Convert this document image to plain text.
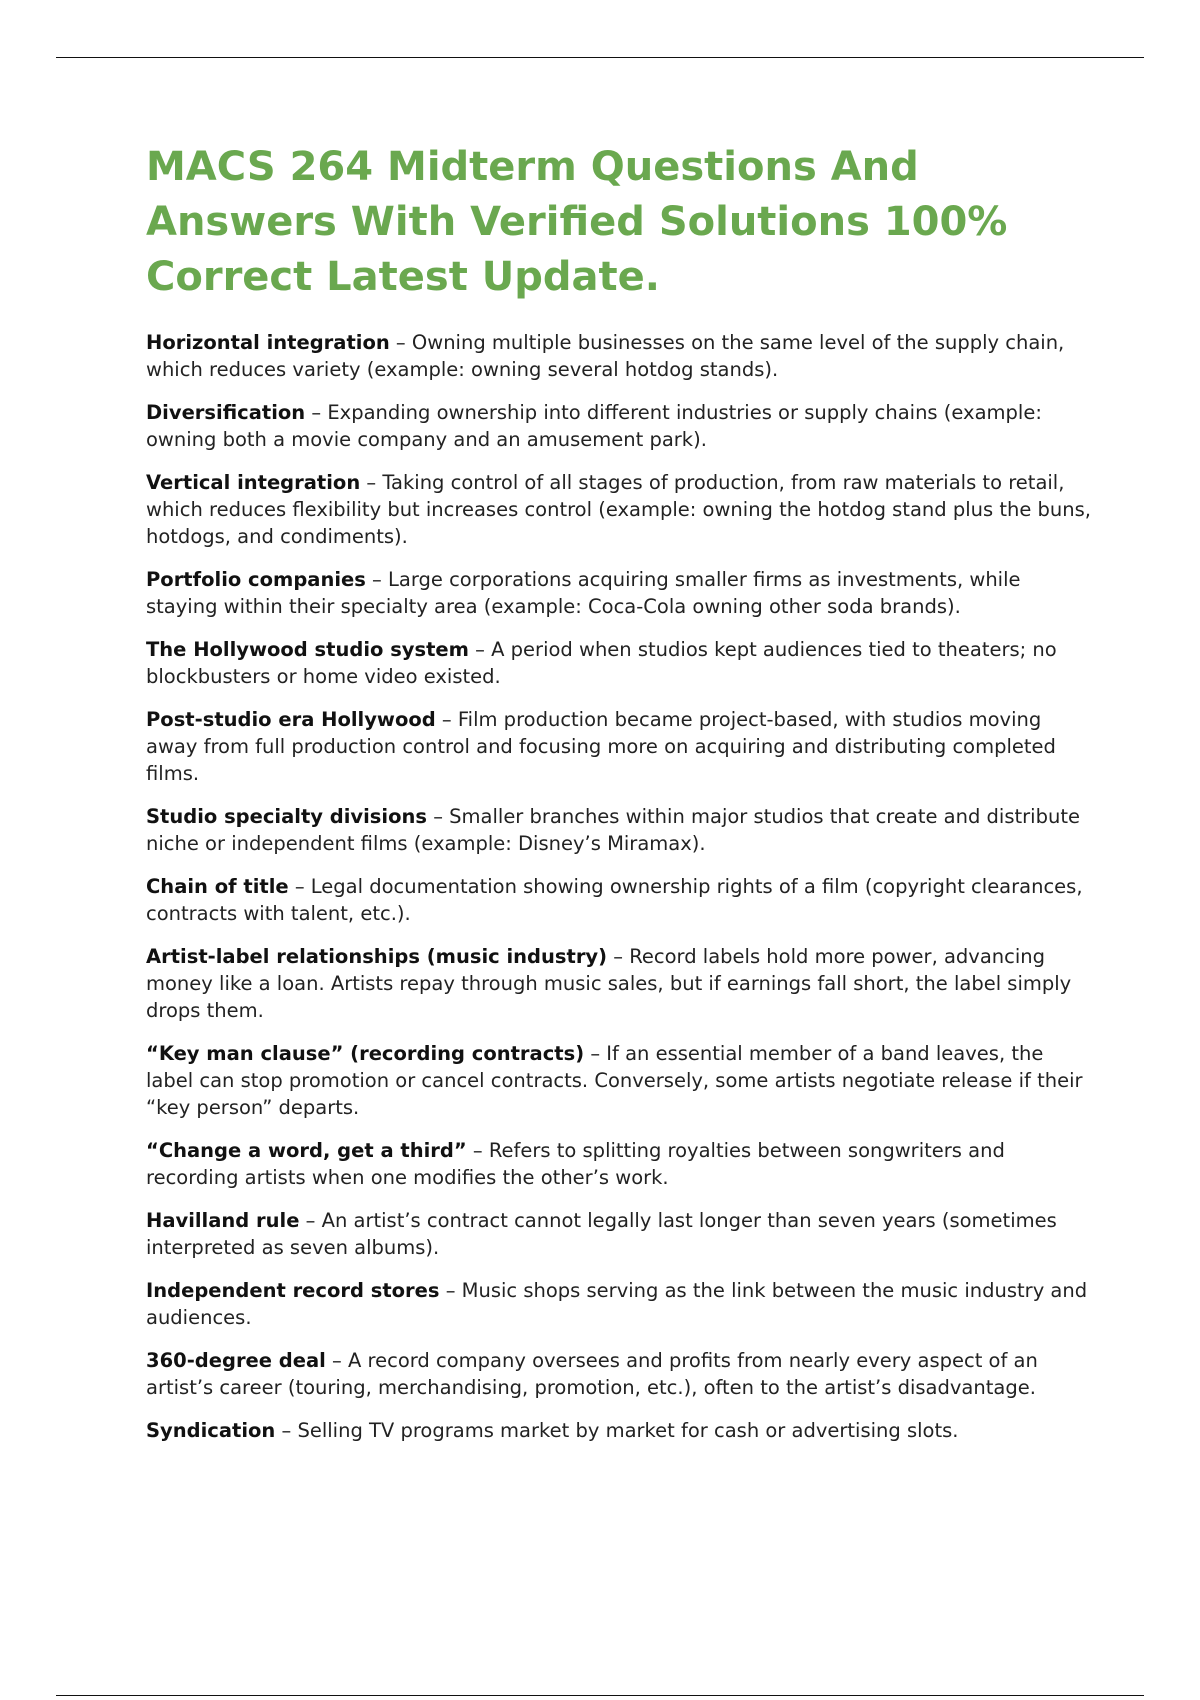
MACS 264 Midterm Questions And Answers With Verified Solutions 100% Correct Latest Update.
Horizontal integration – Owning multiple businesses on the same level of the supply chain, which reduces variety (example: owning several hotdog stands).
Diversification – Expanding ownership into different industries or supply chains (example: owning both a movie company and an amusement park).
Vertical integration – Taking control of all stages of production, from raw materials to retail, which reduces flexibility but increases control (example: owning the hotdog stand plus the buns, hotdogs, and condiments).
Portfolio companies – Large corporations acquiring smaller firms as investments, while staying within their specialty area (example: Coca-Cola owning other soda brands).
The Hollywood studio system – A period when studios kept audiences tied to theaters; no blockbusters or home video existed.
Post-studio era Hollywood – Film production became project-based, with studios moving away from full production control and focusing more on acquiring and distributing completed films.
Studio specialty divisions – Smaller branches within major studios that create and distribute niche or independent films (example: Disney’s Miramax).
Chain of title – Legal documentation showing ownership rights of a film (copyright clearances, contracts with talent, etc.).
Artist-label relationships (music industry) – Record labels hold more power, advancing money like a loan. Artists repay through music sales, but if earnings fall short, the label simply drops them.
“Key man clause” (recording contracts) – If an essential member of a band leaves, the label can stop promotion or cancel contracts. Conversely, some artists negotiate release if their “key person” departs.
“Change a word, get a third” – Refers to splitting royalties between songwriters and recording artists when one modifies the other’s work.
Havilland rule – An artist’s contract cannot legally last longer than seven years (sometimes interpreted as seven albums).
Independent record stores – Music shops serving as the link between the music industry and audiences.
360-degree deal – A record company oversees and profits from nearly every aspect of an artist’s career (touring, merchandising, promotion, etc.), often to the artist’s disadvantage.
Syndication – Selling TV programs market by market for cash or advertising slots.
